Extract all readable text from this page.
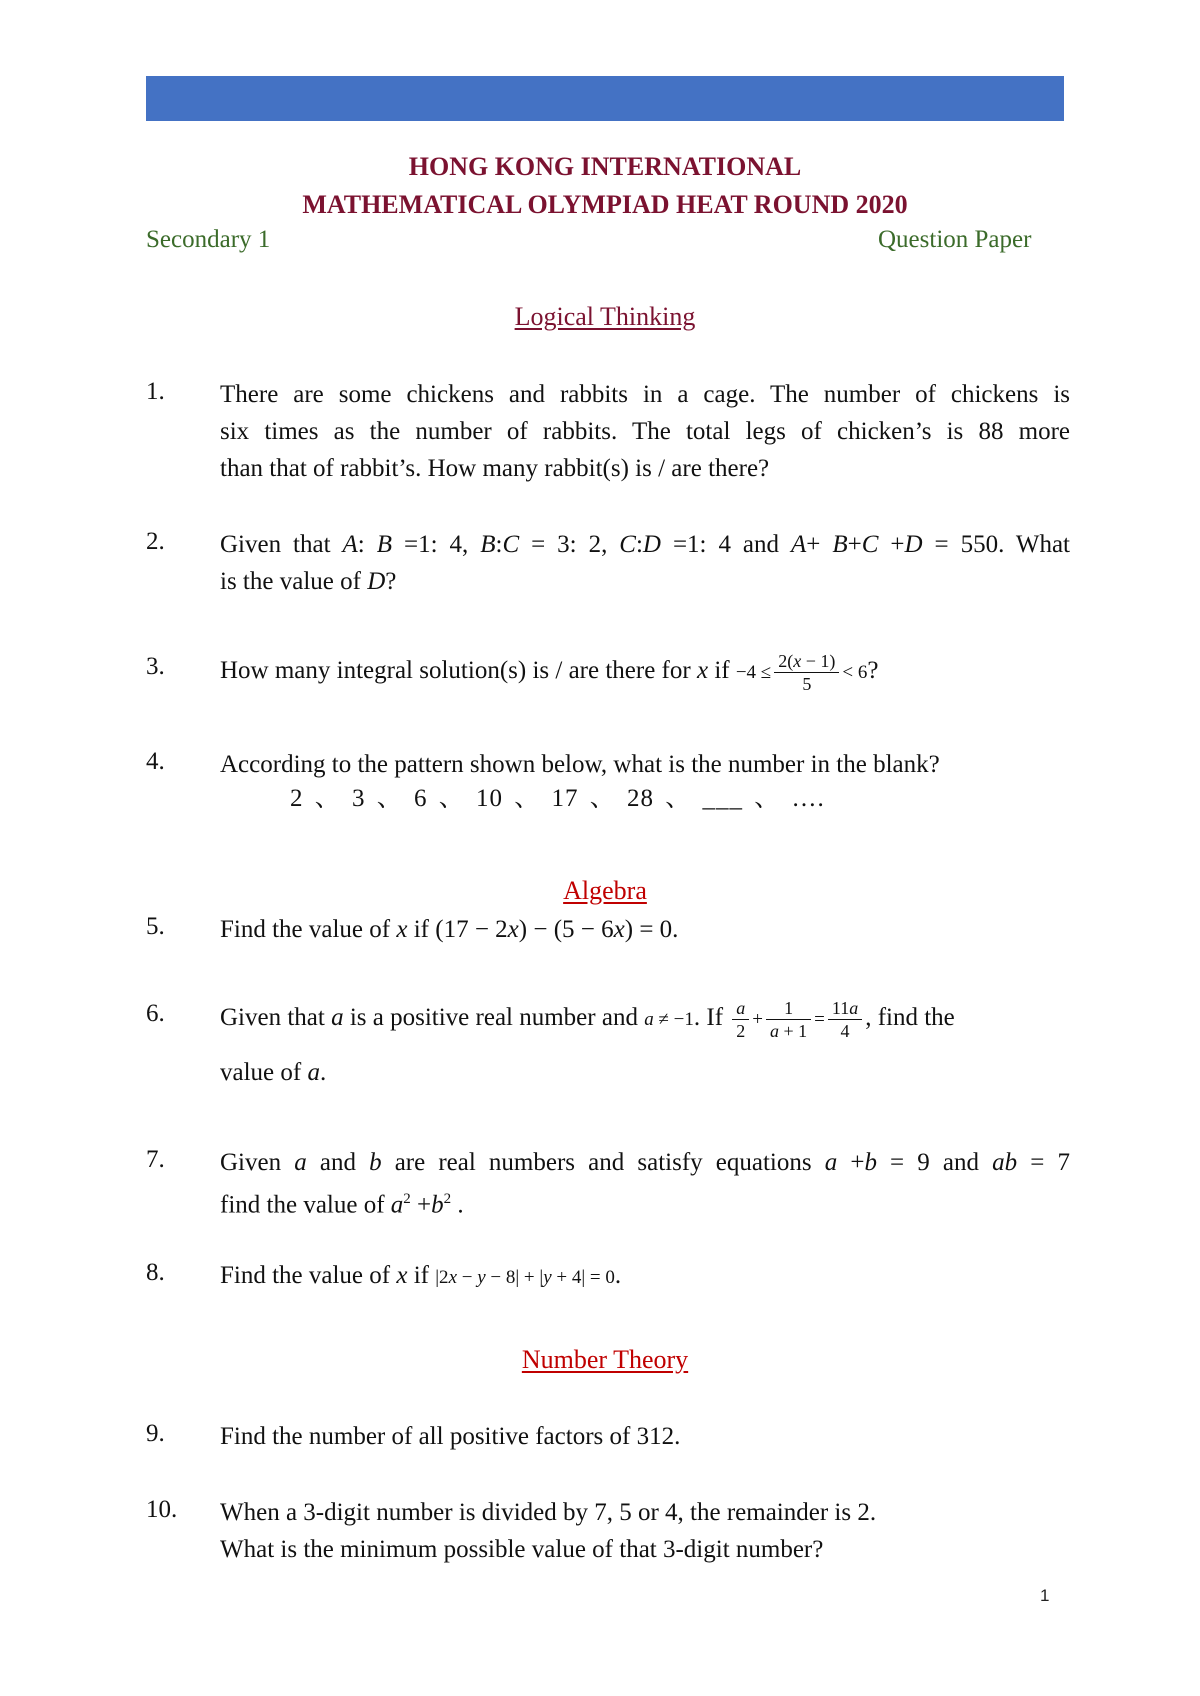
HONG KONG INTERNATIONAL
MATHEMATICAL OLYMPIAD HEAT ROUND 2020
Secondary 1	Question Paper
Logical Thinking
1. There are some chickens and rabbits in a cage. The number of chickens is
six times as the number of rabbits. The total legs of chicken’s is 88 more
than that of rabbit’s. How many rabbit(s) is / are there?
2. Given that A: B =1: 4, B:C = 3: 2, C:D =1: 4 and A+ B+C +D = 550. What
is the value of D?
3. How many integral solution(s) is / are there for x if $-4 \le \frac{2(x - 1)}{5} < 6$?
4. According to the pattern shown below, what is the number in the blank?
2 、 3 、 6 、 10 、 17 、 28 、 ___ 、 ….
Algebra
5. Find the value of x if (17 − 2x) − (5 − 6x) = 0.
6. Given that a is a positive real number and a ≠ −1. If $\frac{a}{2} + \frac{1}{a + 1} = \frac{11a}{4}$ , find the
value of a.
7. Given a and b are real numbers and satisfy equations a +b = 9 and ab = 7
find the value of $a^2 +b^2$ .
8. Find the value of x if |2x − y − 8| + |y + 4| = 0.
Number Theory
9. Find the number of all positive factors of 312.
10. When a 3-digit number is divided by 7, 5 or 4, the remainder is 2.
What is the minimum possible value of that 3-digit number?
1
